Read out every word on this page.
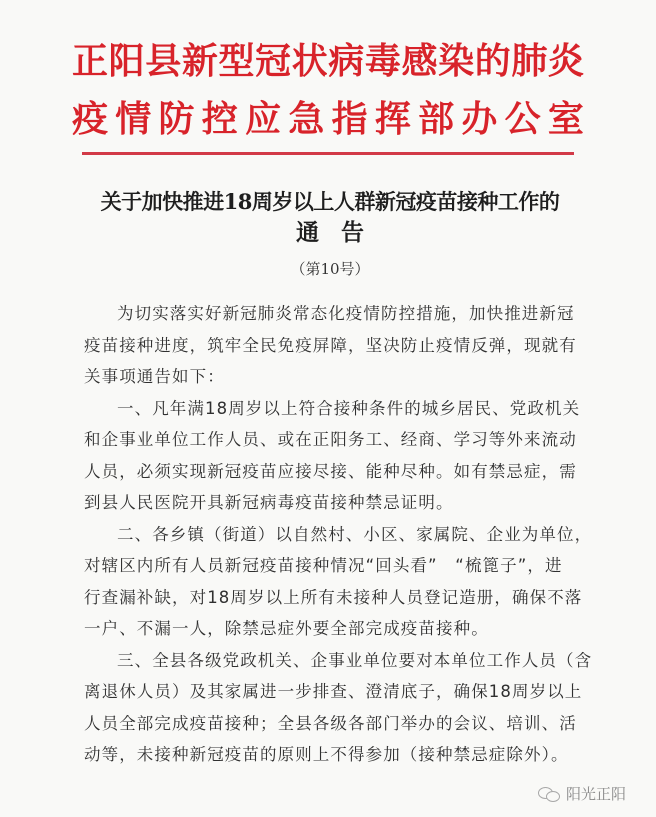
正
阳
县
新
型
冠
状
病
毒
感
染
的
肺
炎
疫 情 防 控 应 急 指 挥 部 办 公 室
关于加快推进18周岁以上人群新冠疫苗接种工作的
通告
（第10号）
为切实落实好新冠肺炎常态化疫情防控措施，加快推进新冠
疫苗接种进度，筑牢全民免疫屏障，坚决防止疫情反弹，现就有
关事项通告如下：
一、凡年满18周岁以上符合接种条件的城乡居民、党政机关
和企事业单位工作人员、或在正阳务工、经商、学习等外来流动
人员，必须实现新冠疫苗应接尽接、能种尽种。如有禁忌症，需
到县人民医院开具新冠病毒疫苗接种禁忌证明。
二、各乡镇（街道）以自然村、小区、家属院、企业为单位，
对辖区内所有人员新冠疫苗接种情况“回头看”　“梳篦子”，进
行查漏补缺，对18周岁以上所有未接种人员登记造册，确保不落
一户、不漏一人，除禁忌症外要全部完成疫苗接种。
三、全县各级党政机关、企事业单位要对本单位工作人员（含
离退休人员）及其家属进一步排查、澄清底子，确保18周岁以上
人员全部完成疫苗接种；全县各级各部门举办的会议、培训、活
动等，未接种新冠疫苗的原则上不得参加（接种禁忌症除外）。
阳光正阳
